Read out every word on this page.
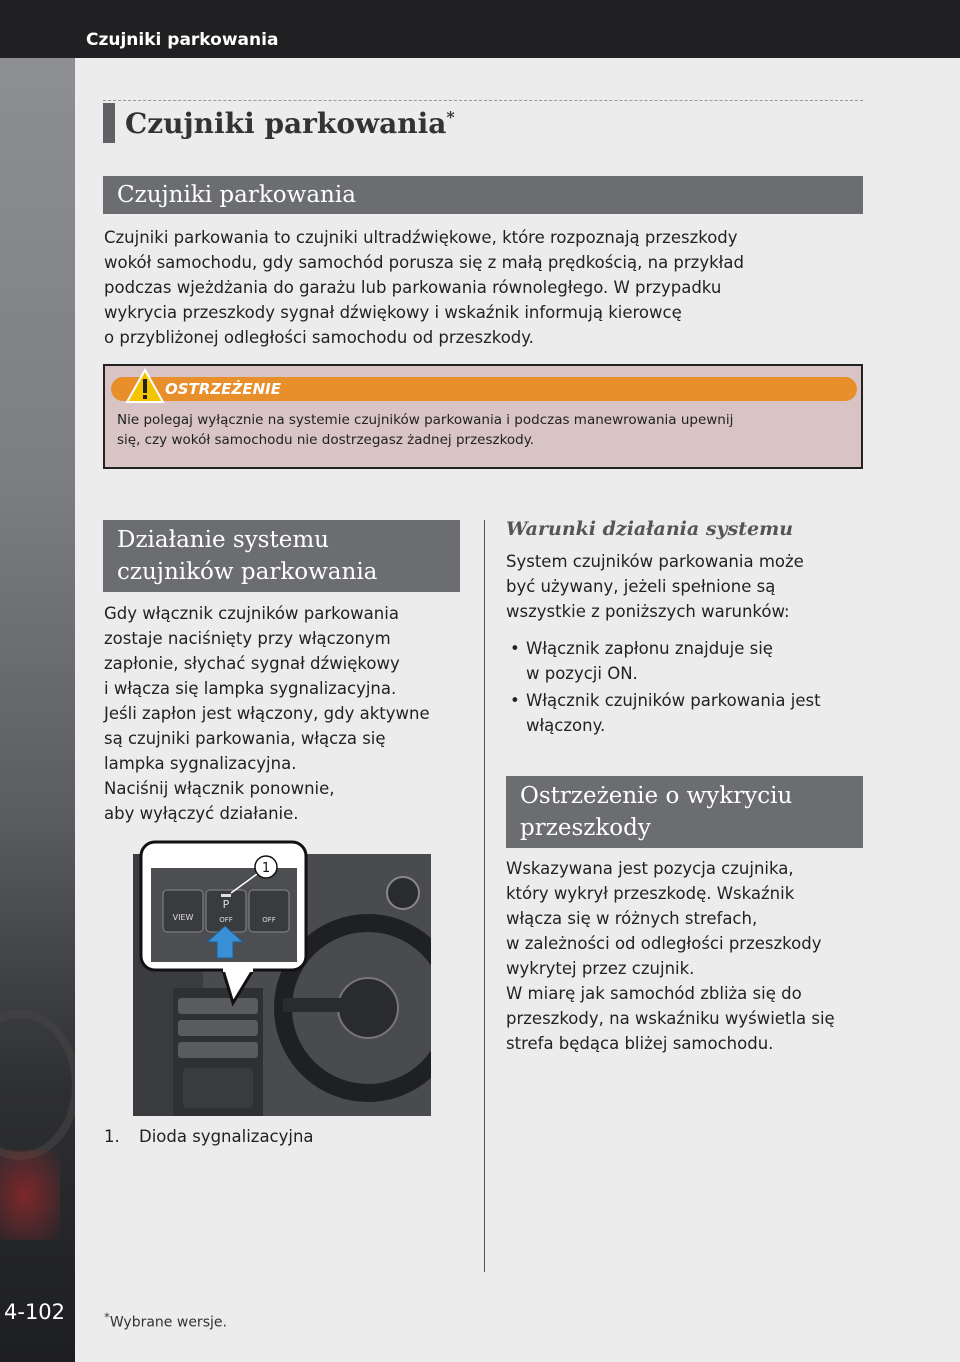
Czujniki parkowania
4-102
Czujniki parkowania*
Czujniki parkowania
Czujniki parkowania to czujniki ultradźwiękowe, które rozpoznają przeszkody
wokół samochodu, gdy samochód porusza się z małą prędkością, na przykład
podczas wjeżdżania do garażu lub parkowania równoległego. W przypadku
wykrycia przeszkody sygnał dźwiękowy i wskaźnik informują kierowcę
o przybliżonej odległości samochodu od przeszkody.
OSTRZEŻENIE
Nie polegaj wyłącznie na systemie czujników parkowania i podczas manewrowania upewnij
się, czy wokół samochodu nie dostrzegasz żadnej przeszkody.
Działanie systemu
czujników parkowania
Gdy włącznik czujników parkowania
zostaje naciśnięty przy włączonym
zapłonie, słychać sygnał dźwiękowy
i włącza się lampka sygnalizacyjna.
Jeśli zapłon jest włączony, gdy aktywne
są czujniki parkowania, włącza się
lampka sygnalizacyjna.
Naciśnij włącznik ponownie,
aby wyłączyć działanie.
VIEW
P
OFF	OFF
1
1. Dioda sygnalizacyjna
Warunki działania systemu
System czujników parkowania może
być używany, jeżeli spełnione są
wszystkie z poniższych warunków:
• Włącznik zapłonu znajduje się
w pozycji ON.
• Włącznik czujników parkowania jest
włączony.
Ostrzeżenie o wykryciu
przeszkody
Wskazywana jest pozycja czujnika,
który wykrył przeszkodę. Wskaźnik
włącza się w różnych strefach,
w zależności od odległości przeszkody
wykrytej przez czujnik.
W miarę jak samochód zbliża się do
przeszkody, na wskaźniku wyświetla się
strefa będąca bliżej samochodu.
*Wybrane wersje.
